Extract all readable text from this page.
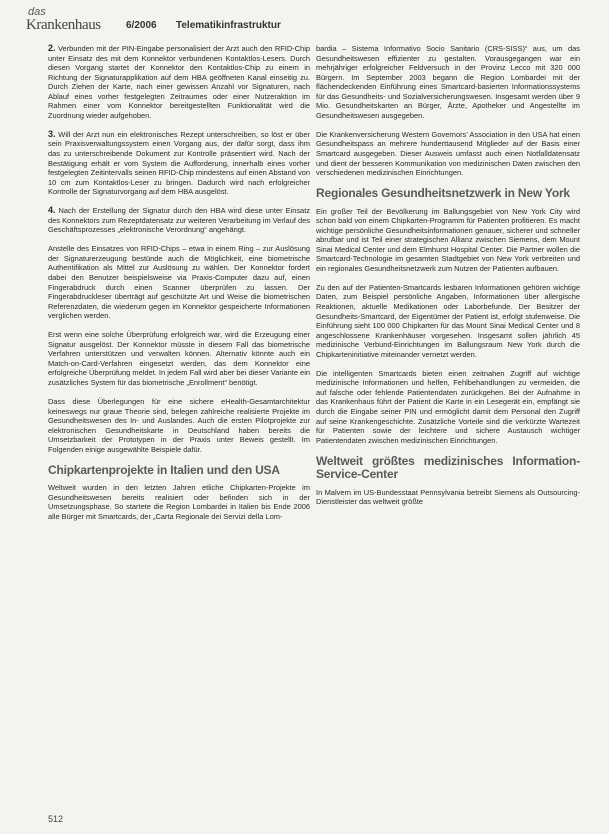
das
Krankenhaus	6/2006 Telematikinfrastruktur

2. Verbunden mit der PIN-Eingabe personalisiert der Arzt auch den RFID-Chip unter Einsatz des mit dem Konnektor verbundenen Kontaktlos-Lesers. Durch diesen Vorgang startet der Konnektor den Kontaktlos-Chip zu einem in Richtung der Signaturapplikation auf dem HBA geöffneten Kanal einseitig zu. Durch Ziehen der Karte, nach einer gewissen Anzahl vor Signaturen, nach Ablauf eines vorher festgelegten Zeitraumes oder einer Nutzeraktion im Rahmen einer vom Konnektor bereitgestellten Funktionalität wird die Zuordnung wieder aufgehoben.

3. Will der Arzt nun ein elektronisches Rezept unterschreiben, so löst er über sein Praxisverwaltungssystem einen Vorgang aus, der dafür sorgt, dass ihm das zu unterschreibende Dokument zur Kontrolle präsentiert wird. Nach der Bestätigung erhält er vom System die Aufforderung, innerhalb eines vorher festgelegten Zeitintervalls seinen RFID-Chip mindestens auf einen Abstand von 10 cm zum Kontaktlos-Leser zu bringen. Dadurch wird nach erfolgreicher Kontrolle der Signaturvorgang auf dem HBA ausgelöst.

4. Nach der Erstellung der Signatur durch den HBA wird diese unter Einsatz des Konnektors zum Rezeptdatensatz zur weiteren Verarbeitung im Verlauf des Geschäftsprozesses „elektronische Verordnung“ angehängt.

Anstelle des Einsatzes von RFID-Chips – etwa in einem Ring – zur Auslösung der Signaturerzeugung bestünde auch die Möglichkeit, eine biometrische Authentifikation als Mittel zur Auslösung zu wählen. Der Konnektor fordert dabei den Benutzer beispielsweise via Praxis-Computer dazu auf, einen Fingerabdruck durch einen Scanner überprüfen zu lassen. Der Fingerabdruckleser überträgt auf geschützte Art und Weise die biometrischen Referenzdaten, die wiederum gegen im Konnektor gespeicherte Informationen verglichen werden.

Erst wenn eine solche Überprüfung erfolgreich war, wird die Erzeugung einer Signatur ausgelöst. Der Konnektor müsste in diesem Fall das biometrische Verfahren unterstützen und verwalten können. Alternativ könnte auch ein Match-on-Card-Verfahren eingesetzt werden, das dem Konnektor eine erfolgreiche Überprüfung meldet. In jedem Fall wird aber bei dieser Variante ein zusätzliches System für das biometrische „Enrollment“ benötigt.

Dass diese Überlegungen für eine sichere eHealth-Gesamtarchitektur keineswegs nur graue Theorie sind, belegen zahlreiche realisierte Projekte im Gesundheitswesen des In- und Auslandes. Auch die ersten Pilotprojekte zur elektronischen Gesundheitskarte in Deutschland haben bereits die Umsetzbarkeit der Prototypen in der Praxis unter Beweis gestellt. Im Folgenden einige ausgewählte Beispiele dafür.

Chipkartenprojekte in Italien und den USA

Weltweit wurden in den letzten Jahren etliche Chipkarten-Projekte im Gesundheitswesen bereits realisiert oder befinden sich in der Umsetzungsphase. So startete die Region Lombardei in Italien bis Ende 2006 alle Bürger mit Smartcards, der „Carta Regionale dei Servizi della Lom-

bardia – Sistema Informativo Socio Sanitario (CRS-SISS)“ aus, um das Gesundheitswesen effizienter zu gestalten. Vorausgegangen war ein mehrjähriger erfolgreicher Feldversuch in der Provinz Lecco mit 320 000 Bürgern. Im September 2003 begann die Region Lombardei mit der flächendeckenden Einführung eines Smartcard-basierten Informationssystems für das Gesundheits- und Sozialversicherungswesen. Insgesamt werden über 9 Mio. Gesundheitskarten an Bürger, Ärzte, Apotheker und Angestellte im Gesundheitswesen ausgegeben.

Die Krankenversicherung Western Governors’ Association in den USA hat einen Gesundheitspass an mehrere hunderttausend Mitglieder auf der Basis einer Smartcard ausgegeben. Dieser Ausweis umfasst auch einen Notfalldatensatz und dient der besseren Kommunikation von medizinischen Daten zwischen den verschiedenen medizinischen Einrichtungen.

Regionales Gesundheitsnetzwerk in New York

Ein großer Teil der Bevölkerung im Ballungsgebiet von New York City wird schon bald von einem Chipkarten-Programm für Patienten profitieren. Es macht wichtige persönliche Gesundheitsinformationen genauer, sicherer und schneller abrufbar und ist Teil einer strategischen Allianz zwischen Siemens, dem Mount Sinai Medical Center und dem Elmhurst Hospital Center. Die Partner wollen die Smartcard-Technologie im gesamten Stadtgebiet von New York verbreiten und ein regionales Gesundheitsnetzwerk zum Nutzen der Patienten aufbauen.

Zu den auf der Patienten-Smartcards lesbaren Informationen gehören wichtige Daten, zum Beispiel persönliche Angaben, Informationen über allergische Reaktionen, aktuelle Medikationen oder Laborbefunde. Der Besitzer der Gesundheits-Smartcard, der Eigentümer der Patient ist, erfolgt stufenweise. Die Einführung sieht 100 000 Chipkarten für das Mount Sinai Medical Center und 8 angeschlossene Krankenhäuser vorgesehen. Insgesamt sollen jährlich 45 medizinische Verbund-Einrichtungen im Ballungsraum New York durch die Chipkarteninitiative miteinander vernetzt werden.

Die intelligenten Smartcards bieten einen zeitnahen Zugriff auf wichtige medizinische Informationen und helfen, Fehlbehandlungen zu vermeiden, die auf falsche oder fehlende Patientendaten zurückgehen. Bei der Aufnahme in das Krankenhaus führt der Patient die Karte in ein Lesegerät ein, empfängt sie durch die Eingabe seiner PIN und ermöglicht damit dem Personal den Zugriff auf seine Krankengeschichte. Zusätzliche Vorteile sind die verkürzte Wartezeit für Patienten sowie der leichtere und sichere Austausch wichtiger Patientendaten zwischen medizinischen Einrichtungen.

Weltweit größtes medizinisches Information-Service-Center

In Malvern im US-Bundesstaat Pennsylvania betreibt Siemens als Outsourcing-Dienstleister das weltweit größte

512
